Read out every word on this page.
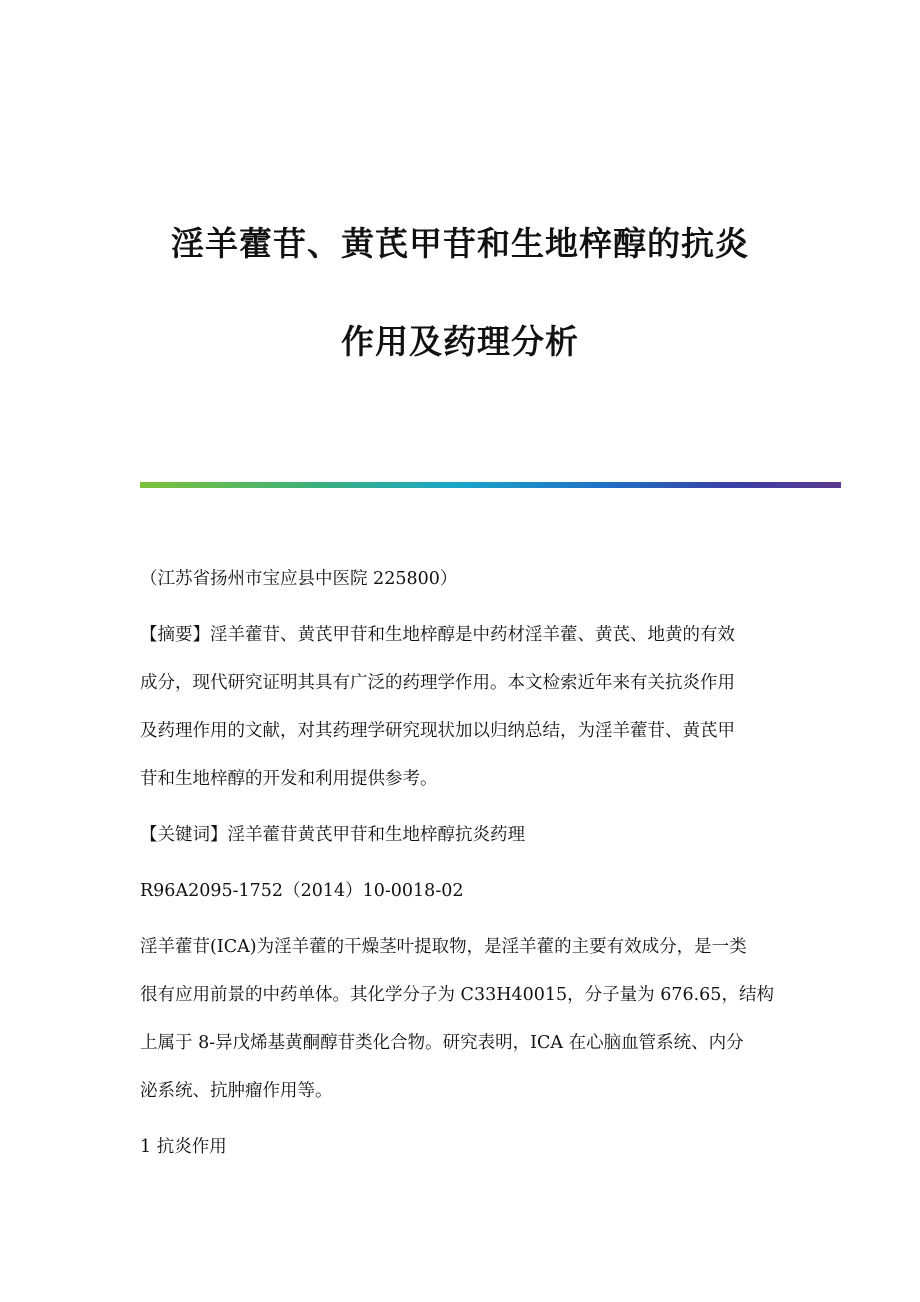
淫羊藿苷、黄芪甲苷和生地梓醇的抗炎
作用及药理分析
（江苏省扬州市宝应县中医院 225800）
【摘要】淫羊藿苷、黄芪甲苷和生地梓醇是中药材淫羊藿、黄芪、地黄的有效
成分，现代研究证明其具有广泛的药理学作用。本文检索近年来有关抗炎作用
及药理作用的文献，对其药理学研究现状加以归纳总结，为淫羊藿苷、黄芪甲
苷和生地梓醇的开发和利用提供参考。
【关键词】淫羊藿苷黄芪甲苷和生地梓醇抗炎药理
R96A2095-1752（2014）10-0018-02
淫羊藿苷(ICA)为淫羊藿的干燥茎叶提取物，是淫羊藿的主要有效成分，是一类
很有应用前景的中药单体。其化学分子为 C33H40015，分子量为 676.65，结构
上属于 8-异戊烯基黄酮醇苷类化合物。研究表明，ICA 在心脑血管系统、内分
泌系统、抗肿瘤作用等。
1 抗炎作用
